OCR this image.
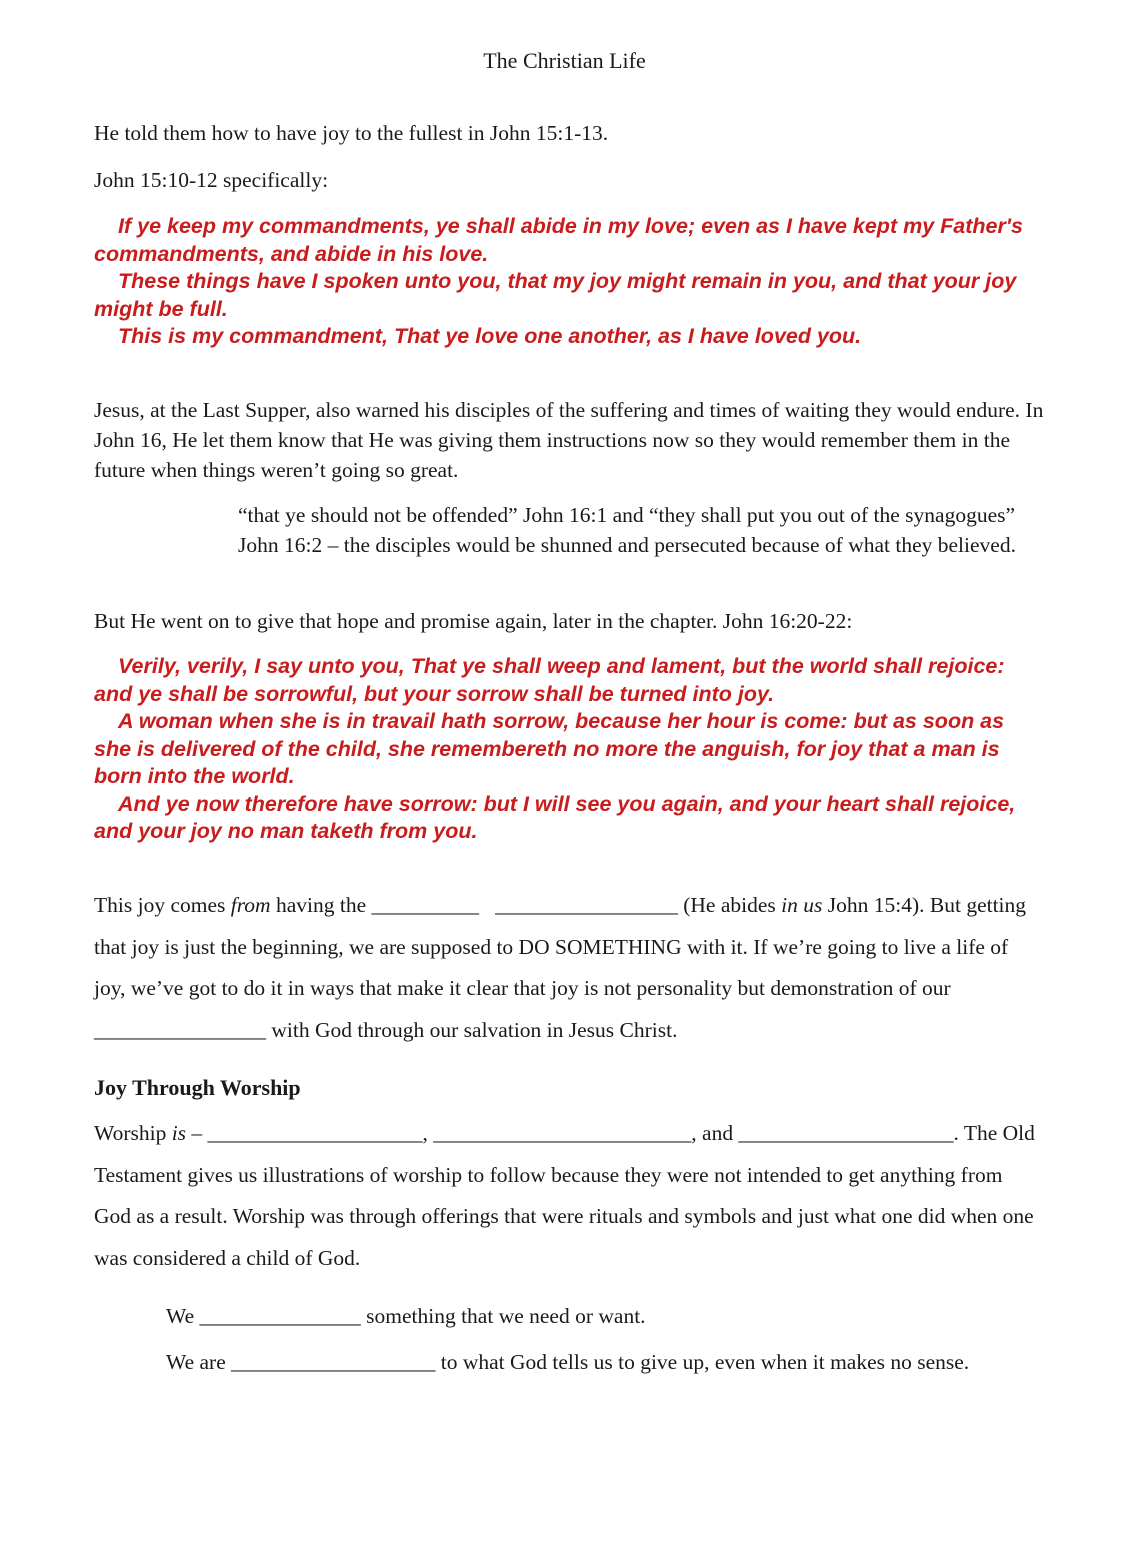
The Christian Life

He told them how to have joy to the fullest in John 15:1-13.

John 15:10-12 specifically:

If ye keep my commandments, ye shall abide in my love; even as I have kept my Father's commandments, and abide in his love.

These things have I spoken unto you, that my joy might remain in you, and that your joy might be full.

This is my commandment, That ye love one another, as I have loved you.

Jesus, at the Last Supper, also warned his disciples of the suffering and times of waiting they would endure. In John 16, He let them know that He was giving them instructions now so they would remember them in the future when things weren’t going so great.

“that ye should not be offended” John 16:1 and “they shall put you out of the synagogues” John 16:2 – the disciples would be shunned and persecuted because of what they believed.

But He went on to give that hope and promise again, later in the chapter. John 16:20-22:

Verily, verily, I say unto you, That ye shall weep and lament, but the world shall rejoice: and ye shall be sorrowful, but your sorrow shall be turned into joy.

A woman when she is in travail hath sorrow, because her hour is come: but as soon as she is delivered of the child, she remembereth no more the anguish, for joy that a man is born into the world.

And ye now therefore have sorrow: but I will see you again, and your heart shall rejoice, and your joy no man taketh from you.

This joy comes from having the __________ _________________ (He abides in us John 15:4). But getting that joy is just the beginning, we are supposed to DO SOMETHING with it. If we’re going to live a life of joy, we’ve got to do it in ways that make it clear that joy is not personality but demonstration of our ________________ with God through our salvation in Jesus Christ.

Joy Through Worship

Worship is – ____________________, ________________________, and ____________________. The Old Testament gives us illustrations of worship to follow because they were not intended to get anything from God as a result. Worship was through offerings that were rituals and symbols and just what one did when one was considered a child of God.

We _______________ something that we need or want.

We are ___________________ to what God tells us to give up, even when it makes no sense.
